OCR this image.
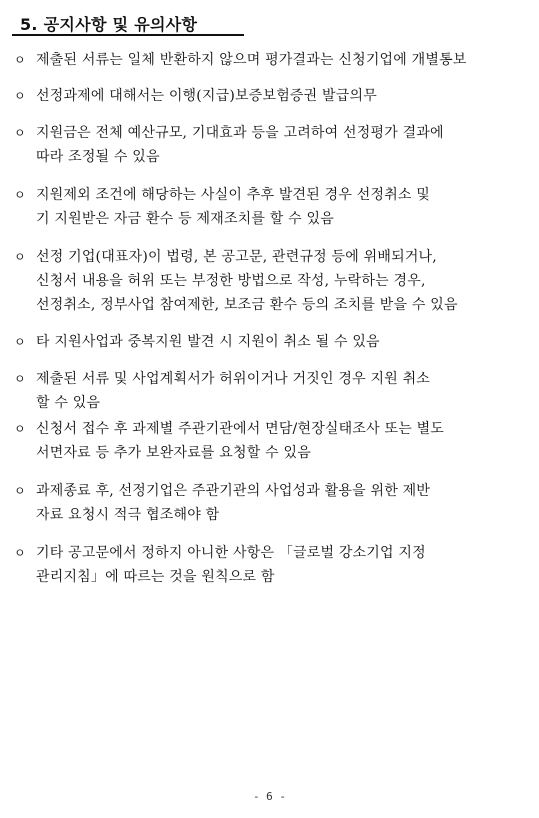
5. 공지사항 및 유의사항
ㅇ 제출된 서류는 일체 반환하지 않으며 평가결과는 신청기업에 개별통보
ㅇ 선정과제에 대해서는 이행(지급)보증보험증권 발급의무
ㅇ 지원금은 전체 예산규모, 기대효과 등을 고려하여 선정평가 결과에
따라 조정될 수 있음
ㅇ 지원제외 조건에 해당하는 사실이 추후 발견된 경우 선정취소 및
기 지원받은 자금 환수 등 제재조치를 할 수 있음
ㅇ 선정 기업(대표자)이 법령, 본 공고문, 관련규정 등에 위배되거나,
신청서 내용을 허위 또는 부정한 방법으로 작성, 누락하는 경우,
선정취소, 정부사업 참여제한, 보조금 환수 등의 조치를 받을 수 있음
ㅇ 타 지원사업과 중복지원 발견 시 지원이 취소 될 수 있음
ㅇ 제출된 서류 및 사업계획서가 허위이거나 거짓인 경우 지원 취소
할 수 있음
ㅇ 신청서 접수 후 과제별 주관기관에서 면담/현장실태조사 또는 별도
서면자료 등 추가 보완자료를 요청할 수 있음
ㅇ 과제종료 후, 선정기업은 주관기관의 사업성과 활용을 위한 제반
자료 요청시 적극 협조해야 함
ㅇ 기타 공고문에서 정하지 아니한 사항은 「글로벌 강소기업 지정
관리지침」에 따르는 것을 원칙으로 함
- 6 -
